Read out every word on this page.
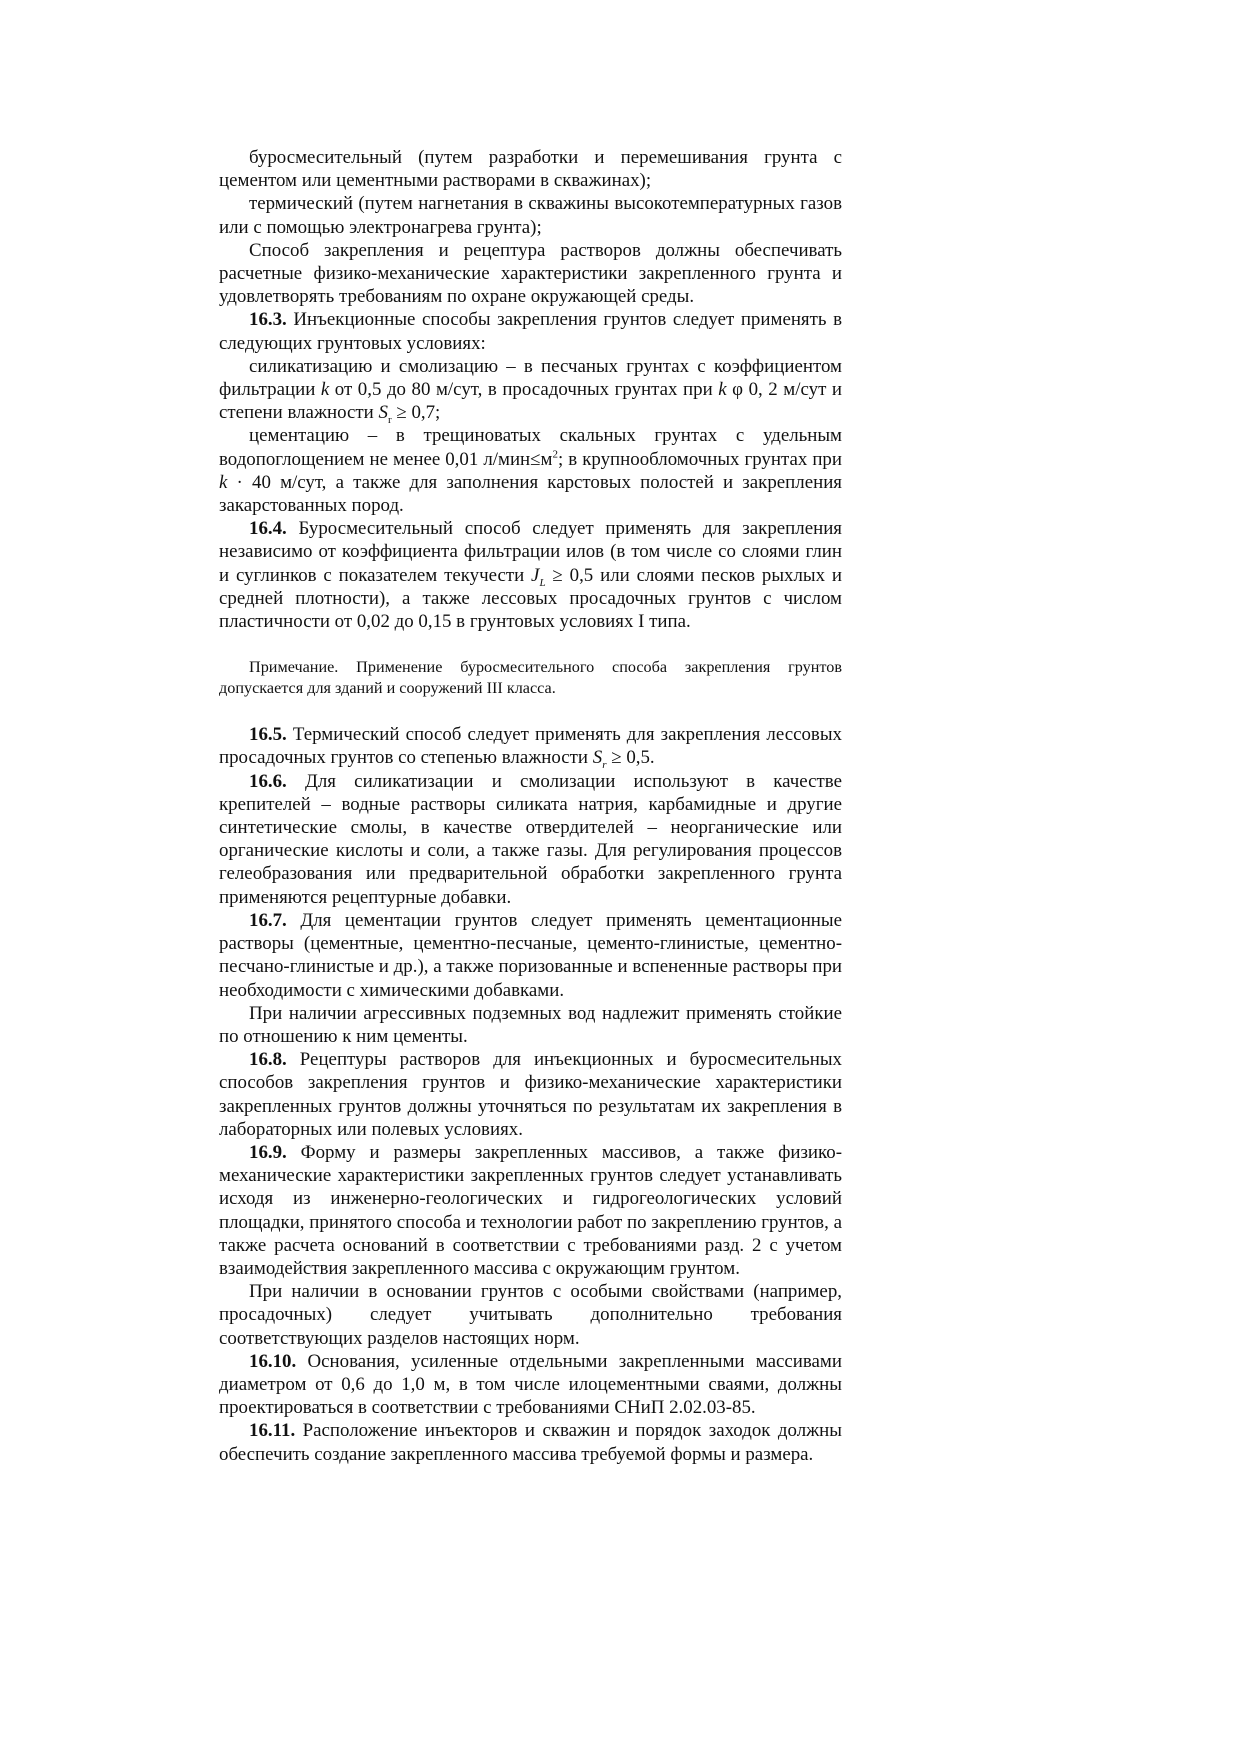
буросмесительный (путем разработки и перемешивания грунта с цементом или цементными растворами в скважинах);

термический (путем нагнетания в скважины высокотемпературных газов или с помощью электронагрева грунта);

Способ закрепления и рецептура растворов должны обеспечивать расчетные физико-механические характеристики закрепленного грунта и удовлетворять требованиям по охране окружающей среды.

16.3. Инъекционные способы закрепления грунтов следует применять в следующих грунтовых условиях:

силикатизацию и смолизацию – в песчаных грунтах с коэффициентом фильтрации k от 0,5 до 80 м/сут, в просадочных грунтах при k φ 0, 2 м/сут и степени влажности $S_r \ge 0,7$;

цементацию – в трещиноватых скальных грунтах с удельным водопоглощением не менее 0,01 $л/мин\le м^2$; в крупнообломочных грунтах при k · 40 м/сут, а также для заполнения карстовых полостей и закрепления закарстованных пород.

16.4. Буросмесительный способ следует применять для закрепления независимо от коэффициента фильтрации илов (в том числе со слоями глин и суглинков с показателем текучести $J_L \ge 0,5$ или слоями песков рыхлых и средней плотности), а также лессовых просадочных грунтов с числом пластичности от 0,02 до 0,15 в грунтовых условиях I типа.

Примечание. Применение буросмесительного способа закрепления грунтов допускается для зданий и сооружений III класса.

16.5. Термический способ следует применять для закрепления лессовых просадочных грунтов со степенью влажности $S_r \ge 0,5$.

16.6. Для силикатизации и смолизации используют в качестве крепителей – водные растворы силиката натрия, карбамидные и другие синтетические смолы, в качестве отвердителей – неорганические или органические кислоты и соли, а также газы. Для регулирования процессов гелеобразования или предварительной обработки закрепленного грунта применяются рецептурные добавки.

16.7. Для цементации грунтов следует применять цементационные растворы (цементные, цементно-песчаные, цементо-глинистые, цементно-песчано-глинистые и др.), а также поризованные и вспененные растворы при необходимости с химическими добавками.

При наличии агрессивных подземных вод надлежит применять стойкие по отношению к ним цементы.

16.8. Рецептуры растворов для инъекционных и буросмесительных способов закрепления грунтов и физико-механические характеристики закрепленных грунтов должны уточняться по результатам их закрепления в лабораторных или полевых условиях.

16.9. Форму и размеры закрепленных массивов, а также физико-механические характеристики закрепленных грунтов следует устанавливать исходя из инженерно-геологических и гидрогеологических условий площадки, принятого способа и технологии работ по закреплению грунтов, а также расчета оснований в соответствии с требованиями разд. 2 с учетом взаимодействия закрепленного массива с окружающим грунтом.

При наличии в основании грунтов с особыми свойствами (например, просадочных) следует учитывать дополнительно требования соответствующих разделов настоящих норм.

16.10. Основания, усиленные отдельными закрепленными массивами диаметром от 0,6 до 1,0 м, в том числе илоцементными сваями, должны проектироваться в соответствии с требованиями СНиП 2.02.03-85.

16.11. Расположение инъекторов и скважин и порядок заходок должны обеспечить создание закрепленного массива требуемой формы и размера.
